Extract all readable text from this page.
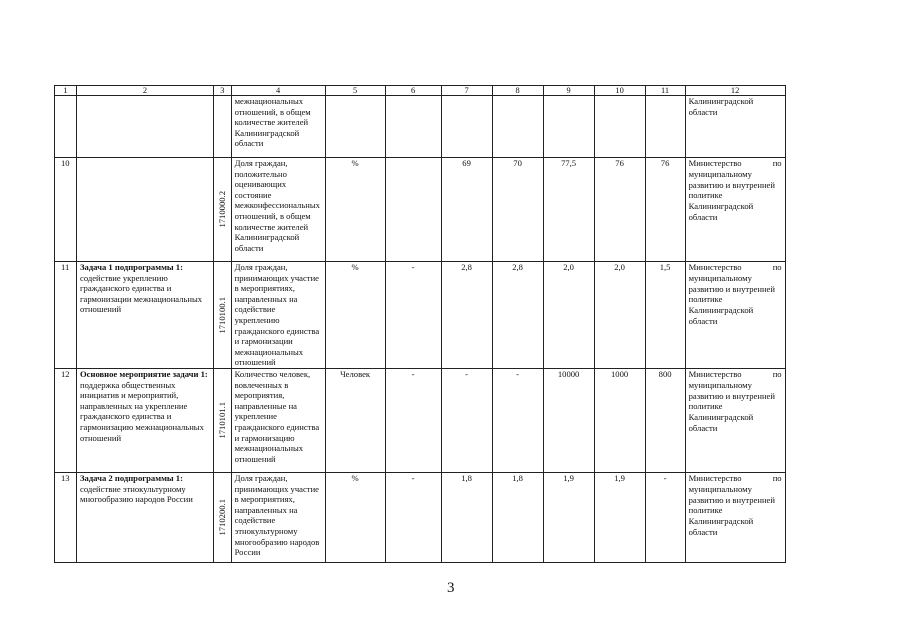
1	2	3	4	5	6	7	8	9	10	11	12

	межнациональных отношений, в общем количестве жителей Калининградской области								Калининградской области

10		1710000.2	Доля граждан, положительно оценивающих состояние межконфессиональных отношений, в общем количестве жителей Калининградской области	%		69	70	77,5	76	76	Министерство по
муниципальному развитию и внутренней политике Калининградской области

11	Задача 1 подпрограммы 1: содействие укреплению гражданского единства и гармонизации межнациональных отношений	1710100.1	Доля граждан, принимающих участие в мероприятиях, направленных на содействие укреплению гражданского единства и гармонизации межнациональных отношений	%	-	2,8	2,8	2,0	2,0	1,5	Министерство по
муниципальному развитию и внутренней политике Калининградской области

12	Основное мероприятие задачи 1: поддержка общественных инициатив и мероприятий, направленных на укрепление гражданского единства и гармонизацию межнациональных отношений	1710101.1	Количество человек, вовлеченных в мероприятия, направленные на укрепление гражданского единства и гармонизацию межнациональных отношений	Человек	-	-	-	10000	1000	800	Министерство по
муниципальному развитию и внутренней политике Калининградской области

13	Задача 2 подпрограммы 1: содействие этнокультурному многообразию народов России	1710200.1	Доля граждан, принимающих участие в мероприятиях, направленных на содействие этнокультурному многообразию народов России	%	-	1,8	1,8	1,9	1,9	-	Министерство по
муниципальному развитию и внутренней политике Калининградской области
3
